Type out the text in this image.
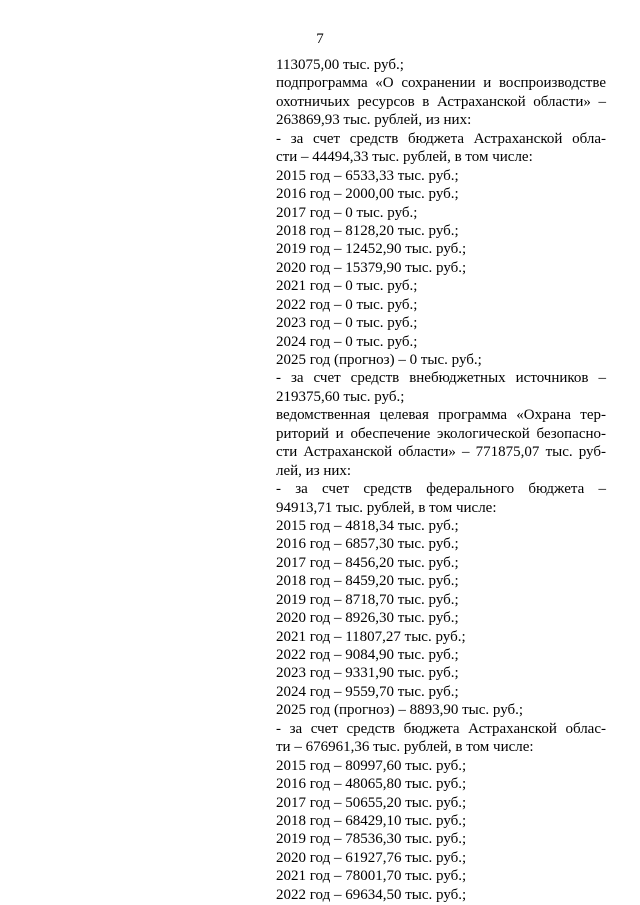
7
113075,00 тыс. руб.;
подпрограмма «О сохранении и воспроизводстве
охотничьих ресурсов в Астраханской области» –
263869,93 тыс. рублей, из них:
- за счет средств бюджета Астраханской обла-
сти – 44494,33 тыс. рублей, в том числе:
2015 год – 6533,33 тыс. руб.;
2016 год – 2000,00 тыс. руб.;
2017 год – 0 тыс. руб.;
2018 год – 8128,20 тыс. руб.;
2019 год – 12452,90 тыс. руб.;
2020 год – 15379,90 тыс. руб.;
2021 год – 0 тыс. руб.;
2022 год – 0 тыс. руб.;
2023 год – 0 тыс. руб.;
2024 год – 0 тыс. руб.;
2025 год (прогноз) – 0 тыс. руб.;
- за счет средств внебюджетных источников –
219375,60 тыс. руб.;
ведомственная целевая программа «Охрана тер-
риторий и обеспечение экологической безопасно-
сти Астраханской области» – 771875,07 тыс. руб-
лей, из них:
- за счет средств федерального бюджета –
94913,71 тыс. рублей, в том числе:
2015 год – 4818,34 тыс. руб.;
2016 год – 6857,30 тыс. руб.;
2017 год – 8456,20 тыс. руб.;
2018 год – 8459,20 тыс. руб.;
2019 год – 8718,70 тыс. руб.;
2020 год – 8926,30 тыс. руб.;
2021 год – 11807,27 тыс. руб.;
2022 год – 9084,90 тыс. руб.;
2023 год – 9331,90 тыс. руб.;
2024 год – 9559,70 тыс. руб.;
2025 год (прогноз) – 8893,90 тыс. руб.;
- за счет средств бюджета Астраханской облас-
ти – 676961,36 тыс. рублей, в том числе:
2015 год – 80997,60 тыс. руб.;
2016 год – 48065,80 тыс. руб.;
2017 год – 50655,20 тыс. руб.;
2018 год – 68429,10 тыс. руб.;
2019 год – 78536,30 тыс. руб.;
2020 год – 61927,76 тыс. руб.;
2021 год – 78001,70 тыс. руб.;
2022 год – 69634,50 тыс. руб.;
